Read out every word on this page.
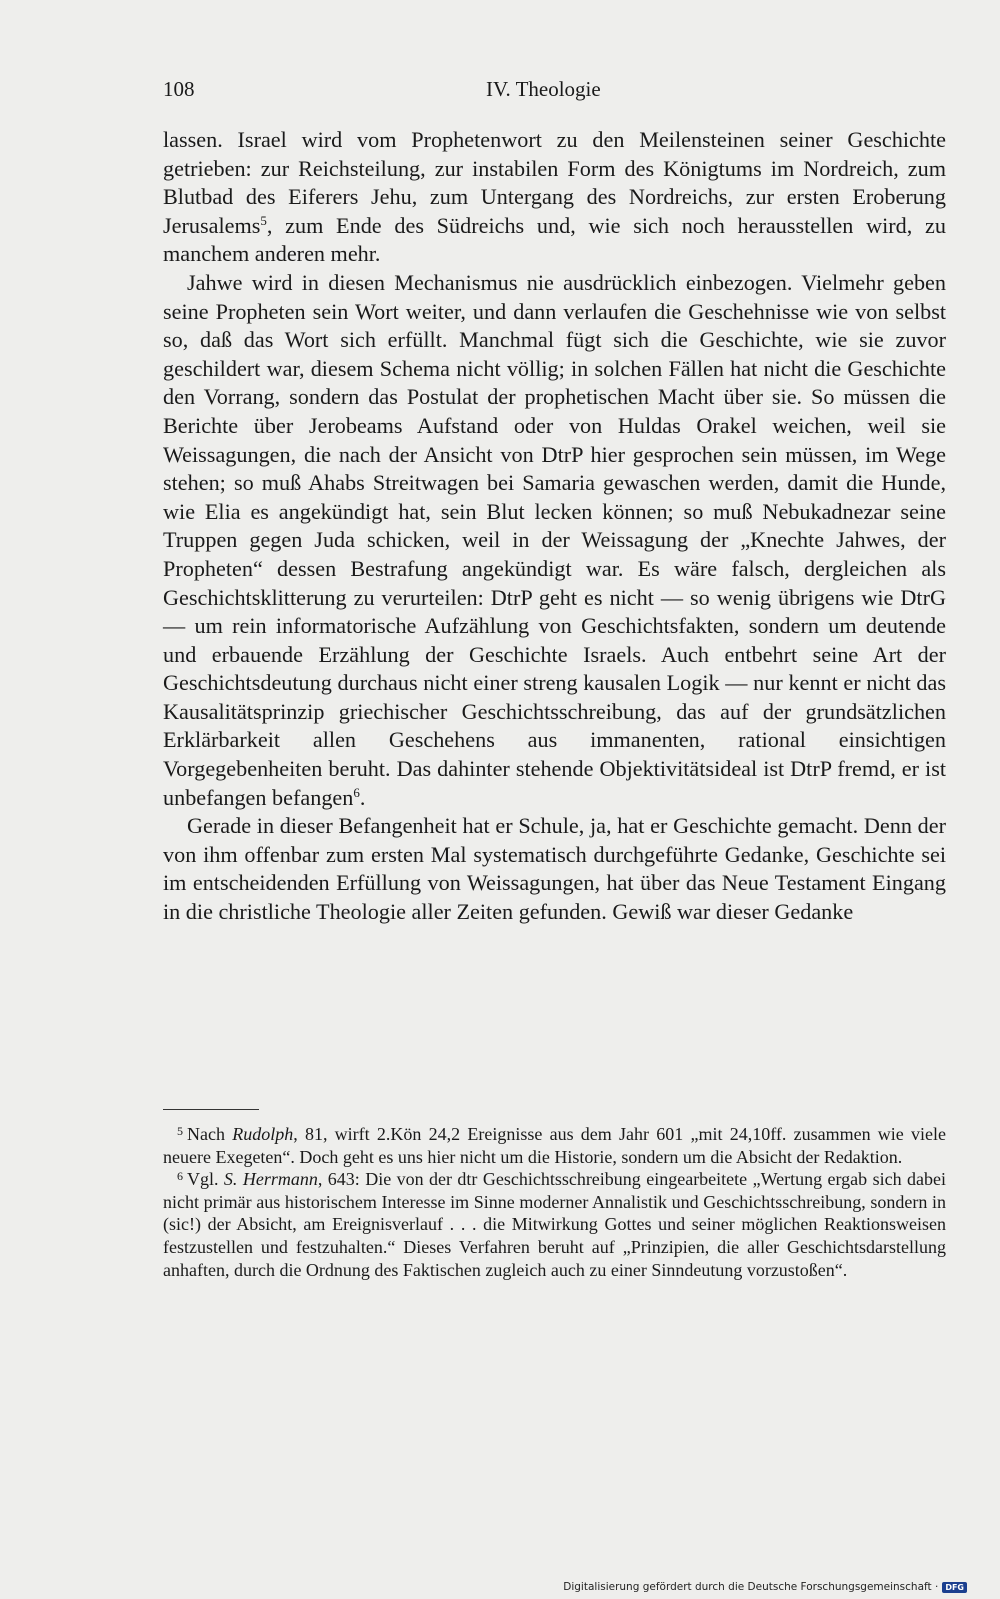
108	IV. Theologie

lassen. Israel wird vom Prophetenwort zu den Meilensteinen seiner Geschichte getrieben: zur Reichsteilung, zur instabilen Form des Königtums im Nordreich, zum Blutbad des Eiferers Jehu, zum Untergang des Nordreichs, zur ersten Eroberung Jerusalems$^5$, zum Ende des Südreichs und, wie sich noch herausstellen wird, zu manchem anderen mehr.

Jahwe wird in diesen Mechanismus nie ausdrücklich einbezogen. Vielmehr geben seine Propheten sein Wort weiter, und dann verlaufen die Geschehnisse wie von selbst so, daß das Wort sich erfüllt. Manchmal fügt sich die Geschichte, wie sie zuvor geschildert war, diesem Schema nicht völlig; in solchen Fällen hat nicht die Geschichte den Vorrang, sondern das Postulat der prophetischen Macht über sie. So müssen die Berichte über Jerobeams Aufstand oder von Huldas Orakel weichen, weil sie Weissagungen, die nach der Ansicht von DtrP hier gesprochen sein müssen, im Wege stehen; so muß Ahabs Streitwagen bei Samaria gewaschen werden, damit die Hunde, wie Elia es angekündigt hat, sein Blut lecken können; so muß Nebukadnezar seine Truppen gegen Juda schicken, weil in der Weissagung der „Knechte Jahwes, der Propheten“ dessen Bestrafung angekündigt war. Es wäre falsch, dergleichen als Geschichtsklitterung zu verurteilen: DtrP geht es nicht — so wenig übrigens wie DtrG — um rein informatorische Aufzählung von Geschichtsfakten, sondern um deutende und erbauende Erzählung der Geschichte Israels. Auch entbehrt seine Art der Geschichtsdeutung durchaus nicht einer streng kausalen Logik — nur kennt er nicht das Kausalitätsprinzip griechischer Geschichtsschreibung, das auf der grundsätzlichen Erklärbarkeit allen Geschehens aus immanenten, rational einsichtigen Vorgegebenheiten beruht. Das dahinter stehende Objektivitätsideal ist DtrP fremd, er ist unbefangen befangen$^6$.

Gerade in dieser Befangenheit hat er Schule, ja, hat er Geschichte gemacht. Denn der von ihm offenbar zum ersten Mal systematisch durchgeführte Gedanke, Geschichte sei im entscheidenden Erfüllung von Weissagungen, hat über das Neue Testament Eingang in die christliche Theologie aller Zeiten gefunden. Gewiß war dieser Gedanke

$^5$ Nach Rudolph, 81, wirft 2.Kön 24,2 Ereignisse aus dem Jahr 601 „mit 24,10ff. zusammen wie viele neuere Exegeten“. Doch geht es uns hier nicht um die Historie, sondern um die Absicht der Redaktion.

$^6$ Vgl. S. Herrmann, 643: Die von der dtr Geschichtsschreibung eingearbeitete „Wertung ergab sich dabei nicht primär aus historischem Interesse im Sinne moderner Annalistik und Geschichtsschreibung, sondern in (sic!) der Absicht, am Ereignisverlauf . . . die Mitwirkung Gottes und seiner möglichen Reaktionsweisen festzustellen und festzuhalten.“ Dieses Verfahren beruht auf „Prinzipien, die aller Geschichtsdarstellung anhaften, durch die Ordnung des Faktischen zugleich auch zu einer Sinndeutung vorzustoßen“.

Digitalisierung gefördert durch die Deutsche Forschungsgemeinschaft · DFG
